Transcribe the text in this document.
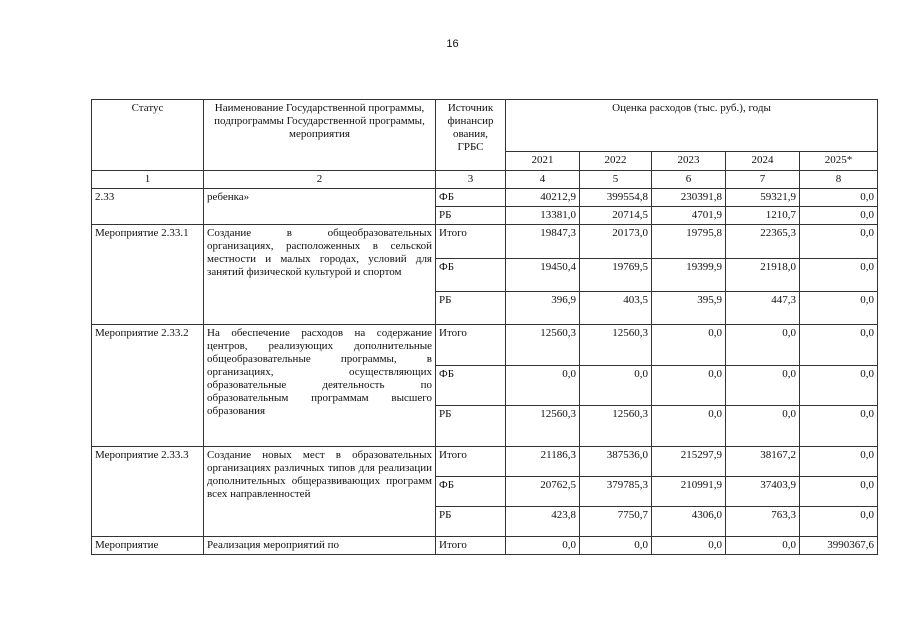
16
Статус	Наименование Государственной программы, подпрограммы Государственной программы, мероприятия	Источник финансир ования, ГРБС	Оценка расходов (тыс. руб.), годы				
			2021	2022	2023	2024	2025*
1	2	3	4	5	6	7	8
2.33	ребенка»	ФБ	40212,9	399554,8	230391,8	59321,9	0,0
		РБ	13381,0	20714,5	4701,9	1210,7	0,0
Мероприятие 2.33.1	Создание в общеобразовательных организациях, расположенных в сельской местности и малых городах, условий для занятий физической культурой и спортом	Итого	19847,3	20173,0	19795,8	22365,3	0,0
		ФБ	19450,4	19769,5	19399,9	21918,0	0,0
		РБ	396,9	403,5	395,9	447,3	0,0
Мероприятие 2.33.2	На обеспечение расходов на содержание центров, реализующих дополнительные общеобразовательные программы, в организациях, осуществляющих образовательные деятельность по образовательным программам высшего образования	Итого	12560,3	12560,3	0,0	0,0	0,0
		ФБ	0,0	0,0	0,0	0,0	0,0
		РБ	12560,3	12560,3	0,0	0,0	0,0
Мероприятие 2.33.3	Создание новых мест в образовательных организациях различных типов для реализации дополнительных общеразвивающих программ всех направленностей	Итого	21186,3	387536,0	215297,9	38167,2	0,0
		ФБ	20762,5	379785,3	210991,9	37403,9	0,0
		РБ	423,8	7750,7	4306,0	763,3	0,0
Мероприятие	Реализация мероприятий по	Итого	0,0	0,0	0,0	0,0	3990367,6
